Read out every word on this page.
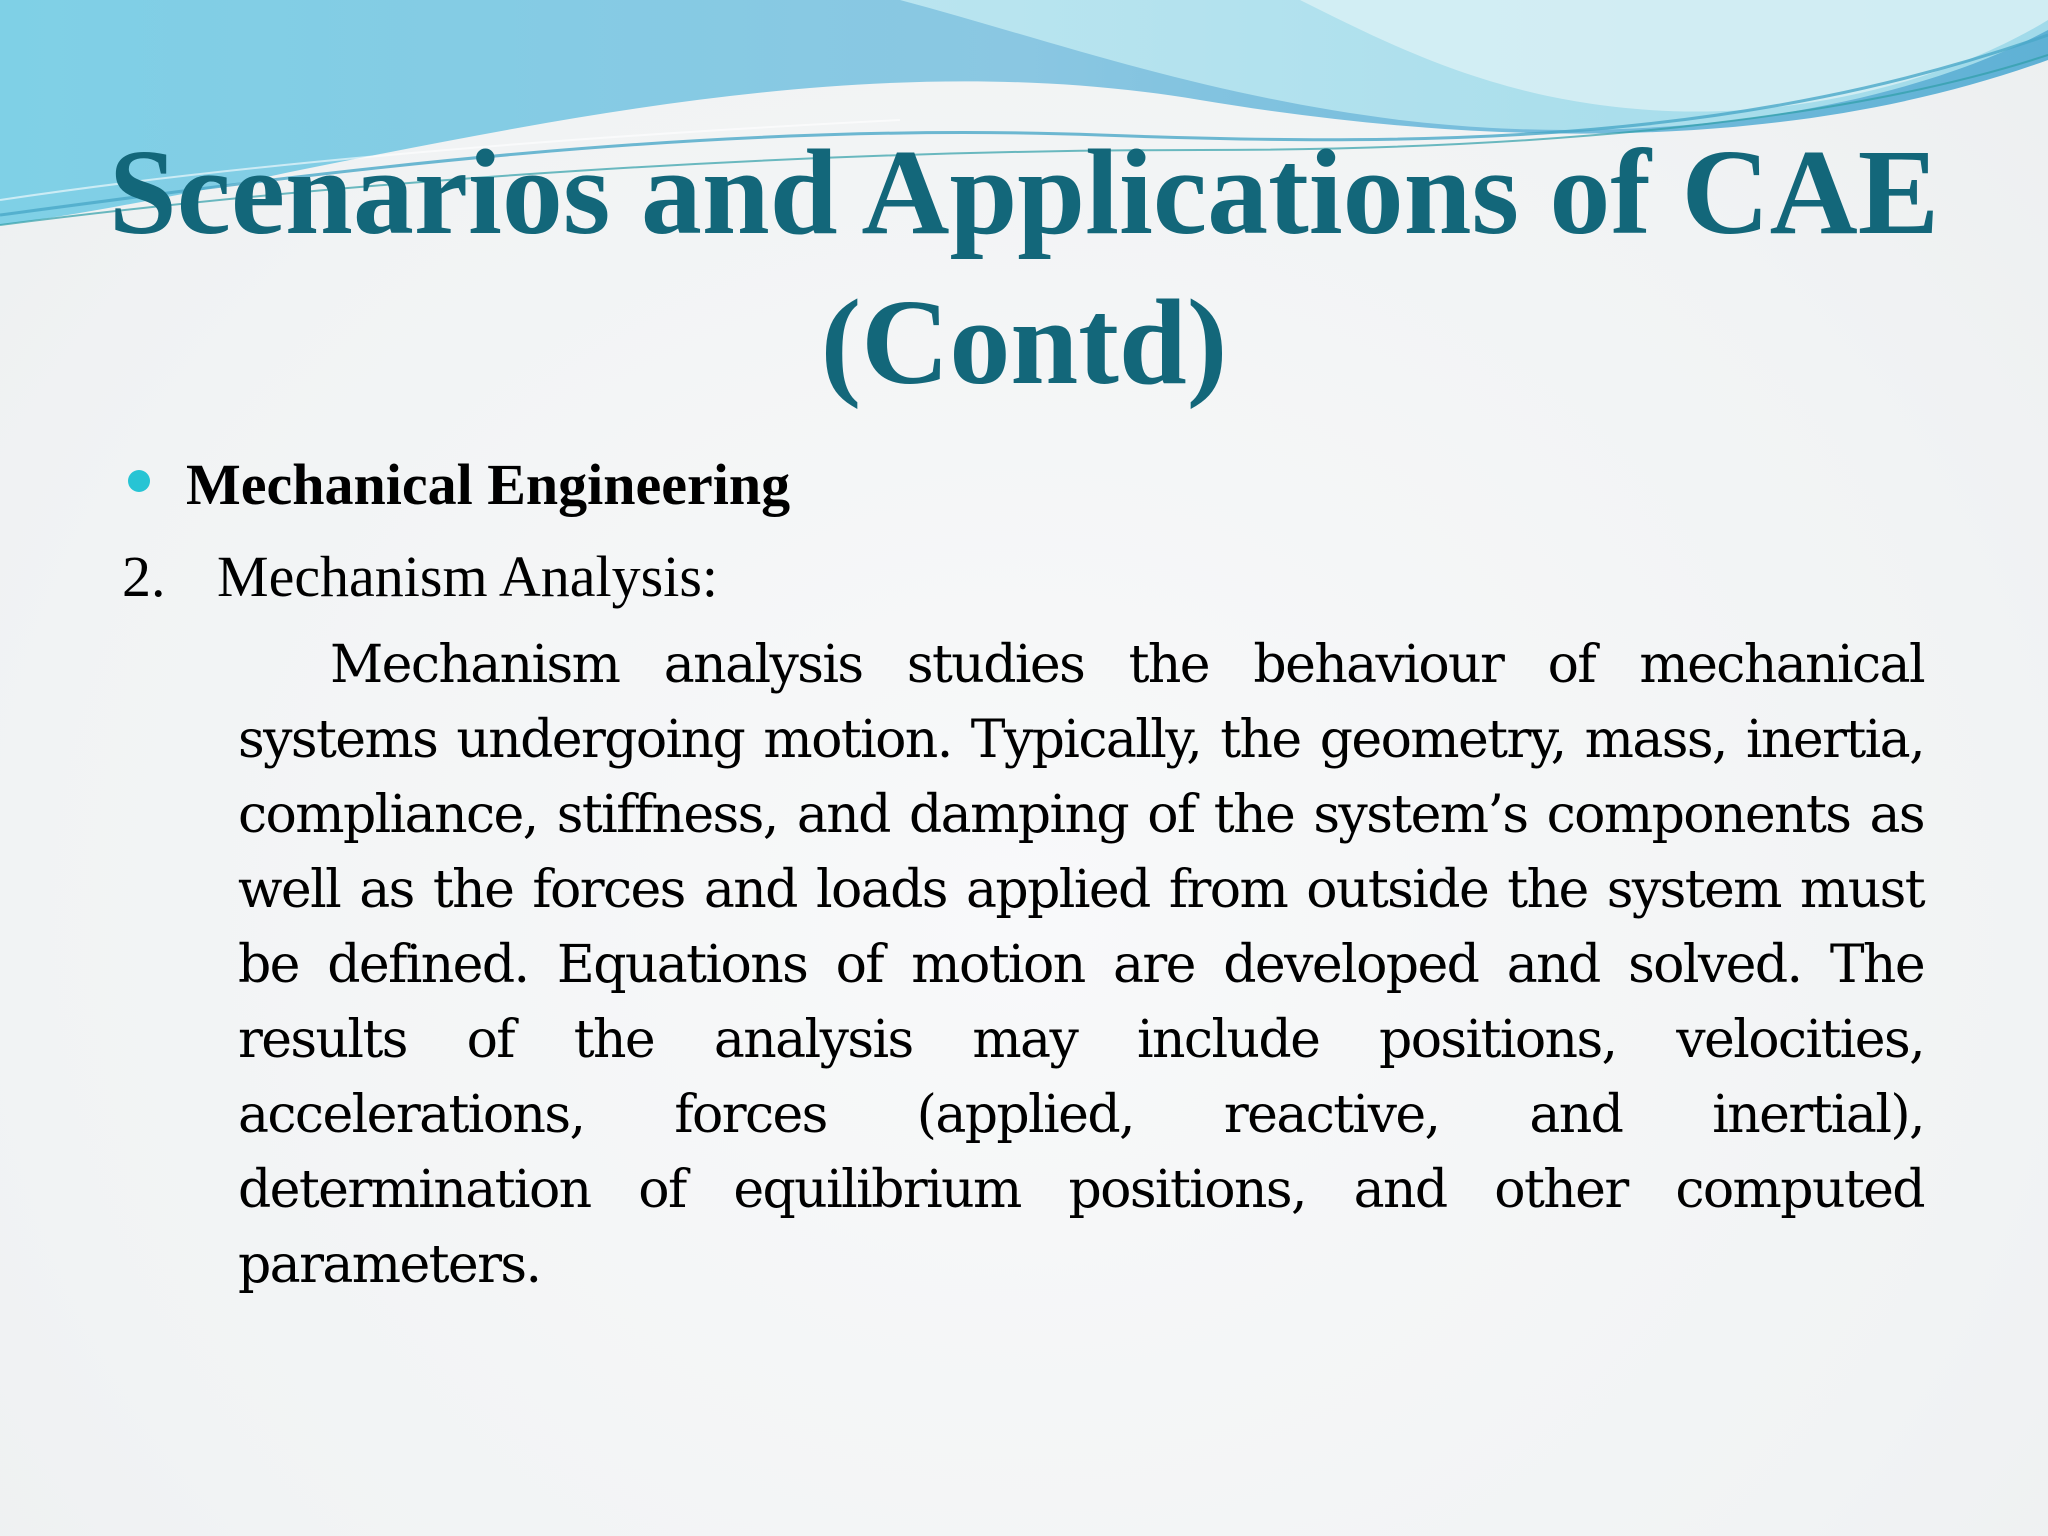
Scenarios and Applications of CAE (Contd)
Mechanical Engineering
2. Mechanism Analysis:

Mechanism analysis studies the behaviour of mechanical systems undergoing motion. Typically, the geometry, mass, inertia, compliance, stiffness, and damping of the system’s components as well as the forces and loads applied from outside the system must be defined. Equations of motion are developed and solved. The results of the analysis may include positions, velocities, accelerations, forces (applied, reactive, and inertial), determination of equilibrium positions, and other computed parameters.
